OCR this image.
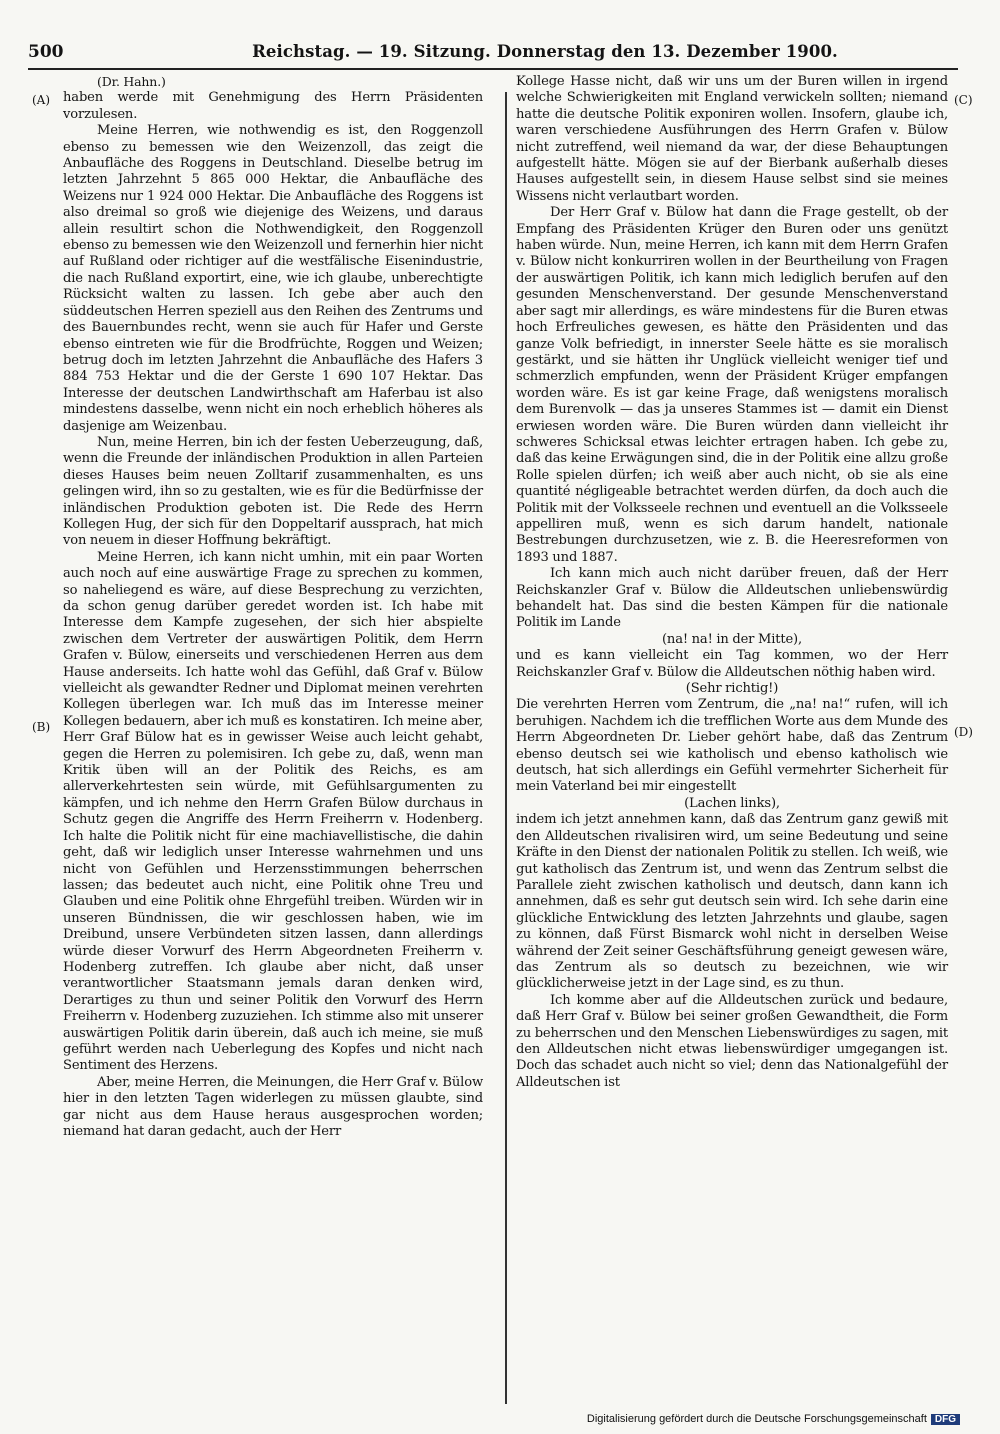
500	Reichstag. — 19. Sitzung. Donnerstag den 13. Dezember 1900.
(A)
(B)
(C)
(D)

(Dr. Hahn.)

haben werde mit Genehmigung des Herrn Präsidenten vorzulesen.

Meine Herren, wie nothwendig es ist, den Roggenzoll ebenso zu bemessen wie den Weizenzoll, das zeigt die Anbaufläche des Roggens in Deutschland. Dieselbe betrug im letzten Jahrzehnt 5 865 000 Hektar, die Anbaufläche des Weizens nur 1 924 000 Hektar. Die Anbaufläche des Roggens ist also dreimal so groß wie diejenige des Weizens, und daraus allein resultirt schon die Nothwendigkeit, den Roggenzoll ebenso zu bemessen wie den Weizenzoll und fernerhin hier nicht auf Rußland oder richtiger auf die westfälische Eisenindustrie, die nach Rußland exportirt, eine, wie ich glaube, unberechtigte Rücksicht walten zu lassen. Ich gebe aber auch den süddeutschen Herren speziell aus den Reihen des Zentrums und des Bauernbundes recht, wenn sie auch für Hafer und Gerste ebenso eintreten wie für die Brodfrüchte, Roggen und Weizen; betrug doch im letzten Jahrzehnt die Anbaufläche des Hafers 3 884 753 Hektar und die der Gerste 1 690 107 Hektar. Das Interesse der deutschen Landwirthschaft am Haferbau ist also mindestens dasselbe, wenn nicht ein noch erheblich höheres als dasjenige am Weizenbau.

Nun, meine Herren, bin ich der festen Ueberzeugung, daß, wenn die Freunde der inländischen Produktion in allen Parteien dieses Hauses beim neuen Zolltarif zusammenhalten, es uns gelingen wird, ihn so zu gestalten, wie es für die Bedürfnisse der inländischen Produktion geboten ist. Die Rede des Herrn Kollegen Hug, der sich für den Doppeltarif aussprach, hat mich von neuem in dieser Hoffnung bekräftigt.

Meine Herren, ich kann nicht umhin, mit ein paar Worten auch noch auf eine auswärtige Frage zu sprechen zu kommen, so naheliegend es wäre, auf diese Besprechung zu verzichten, da schon genug darüber geredet worden ist. Ich habe mit Interesse dem Kampfe zugesehen, der sich hier abspielte zwischen dem Vertreter der auswärtigen Politik, dem Herrn Grafen v. Bülow, einerseits und verschiedenen Herren aus dem Hause anderseits. Ich hatte wohl das Gefühl, daß Graf v. Bülow vielleicht als gewandter Redner und Diplomat meinen verehrten Kollegen überlegen war. Ich muß das im Interesse meiner Kollegen bedauern, aber ich muß es konstatiren. Ich meine aber, Herr Graf Bülow hat es in gewisser Weise auch leicht gehabt, gegen die Herren zu polemisiren. Ich gebe zu, daß, wenn man Kritik üben will an der Politik des Reichs, es am allerverkehrtesten sein würde, mit Gefühlsargumenten zu kämpfen, und ich nehme den Herrn Grafen Bülow durchaus in Schutz gegen die Angriffe des Herrn Freiherrn v. Hodenberg. Ich halte die Politik nicht für eine machiavellistische, die dahin geht, daß wir lediglich unser Interesse wahrnehmen und uns nicht von Gefühlen und Herzensstimmungen beherrschen lassen; das bedeutet auch nicht, eine Politik ohne Treu und Glauben und eine Politik ohne Ehrgefühl treiben. Würden wir in unseren Bündnissen, die wir geschlossen haben, wie im Dreibund, unsere Verbündeten sitzen lassen, dann allerdings würde dieser Vorwurf des Herrn Abgeordneten Freiherrn v. Hodenberg zutreffen. Ich glaube aber nicht, daß unser verantwortlicher Staatsmann jemals daran denken wird, Derartiges zu thun und seiner Politik den Vorwurf des Herrn Freiherrn v. Hodenberg zuzuziehen. Ich stimme also mit unserer auswärtigen Politik darin überein, daß auch ich meine, sie muß geführt werden nach Ueberlegung des Kopfes und nicht nach Sentiment des Herzens.

Aber, meine Herren, die Meinungen, die Herr Graf v. Bülow hier in den letzten Tagen widerlegen zu müssen glaubte, sind gar nicht aus dem Hause heraus ausgesprochen worden; niemand hat daran gedacht, auch der Herr

Kollege Hasse nicht, daß wir uns um der Buren willen in irgend welche Schwierigkeiten mit England verwickeln sollten; niemand hatte die deutsche Politik exponiren wollen. Insofern, glaube ich, waren verschiedene Ausführungen des Herrn Grafen v. Bülow nicht zutreffend, weil niemand da war, der diese Behauptungen aufgestellt hätte. Mögen sie auf der Bierbank außerhalb dieses Hauses aufgestellt sein, in diesem Hause selbst sind sie meines Wissens nicht verlautbart worden.

Der Herr Graf v. Bülow hat dann die Frage gestellt, ob der Empfang des Präsidenten Krüger den Buren oder uns genützt haben würde. Nun, meine Herren, ich kann mit dem Herrn Grafen v. Bülow nicht konkurriren wollen in der Beurtheilung von Fragen der auswärtigen Politik, ich kann mich lediglich berufen auf den gesunden Menschenverstand. Der gesunde Menschenverstand aber sagt mir allerdings, es wäre mindestens für die Buren etwas hoch Erfreuliches gewesen, es hätte den Präsidenten und das ganze Volk befriedigt, in innerster Seele hätte es sie moralisch gestärkt, und sie hätten ihr Unglück vielleicht weniger tief und schmerzlich empfunden, wenn der Präsident Krüger empfangen worden wäre. Es ist gar keine Frage, daß wenigstens moralisch dem Burenvolk — das ja unseres Stammes ist — damit ein Dienst erwiesen worden wäre. Die Buren würden dann vielleicht ihr schweres Schicksal etwas leichter ertragen haben. Ich gebe zu, daß das keine Erwägungen sind, die in der Politik eine allzu große Rolle spielen dürfen; ich weiß aber auch nicht, ob sie als eine quantité négligeable betrachtet werden dürfen, da doch auch die Politik mit der Volksseele rechnen und eventuell an die Volksseele appelliren muß, wenn es sich darum handelt, nationale Bestrebungen durchzusetzen, wie z. B. die Heeresreformen von 1893 und 1887.

Ich kann mich auch nicht darüber freuen, daß der Herr Reichskanzler Graf v. Bülow die Alldeutschen unliebenswürdig behandelt hat. Das sind die besten Kämpen für die nationale Politik im Lande

(na! na! in der Mitte),

und es kann vielleicht ein Tag kommen, wo der Herr Reichskanzler Graf v. Bülow die Alldeutschen nöthig haben wird.

(Sehr richtig!)

Die verehrten Herren vom Zentrum, die „na! na!“ rufen, will ich beruhigen. Nachdem ich die trefflichen Worte aus dem Munde des Herrn Abgeordneten Dr. Lieber gehört habe, daß das Zentrum ebenso deutsch sei wie katholisch und ebenso katholisch wie deutsch, hat sich allerdings ein Gefühl vermehrter Sicherheit für mein Vaterland bei mir eingestellt

(Lachen links),

indem ich jetzt annehmen kann, daß das Zentrum ganz gewiß mit den Alldeutschen rivalisiren wird, um seine Bedeutung und seine Kräfte in den Dienst der nationalen Politik zu stellen. Ich weiß, wie gut katholisch das Zentrum ist, und wenn das Zentrum selbst die Parallele zieht zwischen katholisch und deutsch, dann kann ich annehmen, daß es sehr gut deutsch sein wird. Ich sehe darin eine glückliche Entwicklung des letzten Jahrzehnts und glaube, sagen zu können, daß Fürst Bismarck wohl nicht in derselben Weise während der Zeit seiner Geschäftsführung geneigt gewesen wäre, das Zentrum als so deutsch zu bezeichnen, wie wir glücklicherweise jetzt in der Lage sind, es zu thun.

Ich komme aber auf die Alldeutschen zurück und bedaure, daß Herr Graf v. Bülow bei seiner großen Gewandtheit, die Form zu beherrschen und den Menschen Liebenswürdiges zu sagen, mit den Alldeutschen nicht etwas liebenswürdiger umgegangen ist. Doch das schadet auch nicht so viel; denn das Nationalgefühl der Alldeutschen ist

Digitalisierung gefördert durch die Deutsche Forschungsgemeinschaft DFG
